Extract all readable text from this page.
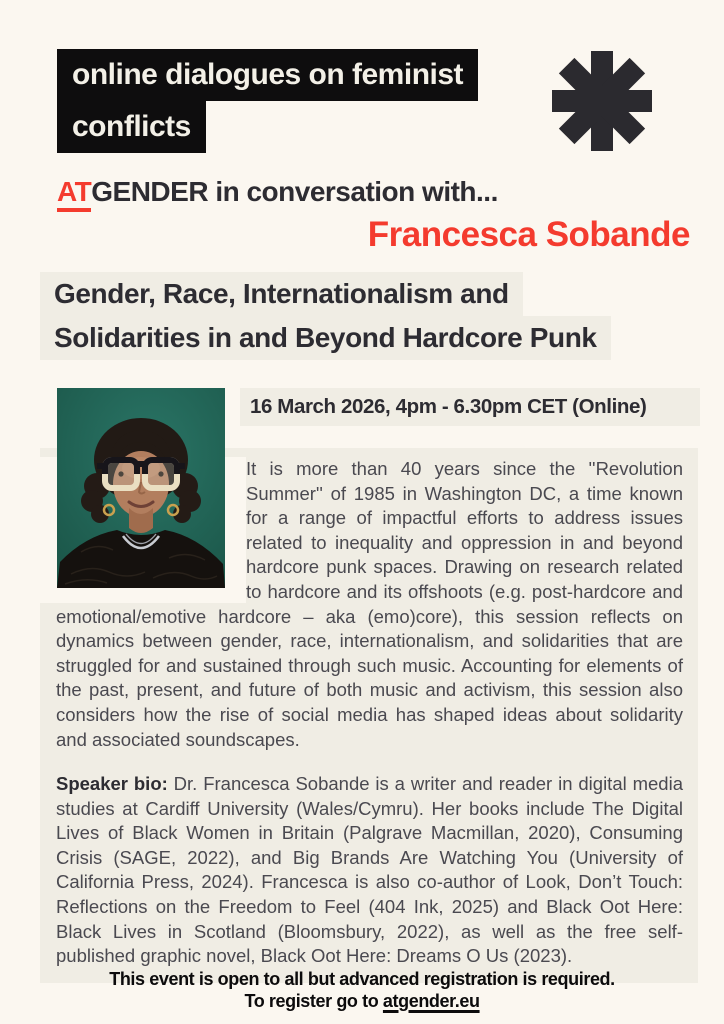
online dialogues on feminist
conflicts
ATGENDER in conversation with...
Francesca Sobande
Gender, Race, Internationalism and
Solidarities in and Beyond Hardcore Punk
It is more than 40 years since the ''Revolution Summer'' of 1985 in Washington DC, a time known for a range of impactful efforts to address issues related to inequality and oppression in and beyond hardcore punk spaces. Drawing on research related to hardcore and its offshoots (e.g. post-hardcore and emotional/emotive hardcore – aka (emo)core), this session reflects on dynamics between gender, race, internationalism, and solidarities that are struggled for and sustained through such music. Accounting for elements of the past, present, and future of both music and activism, this session also considers how the rise of social media has shaped ideas about solidarity and associated soundscapes.
16 March 2026, 4pm - 6.30pm CET (Online)
Speaker bio: Dr. Francesca Sobande is a writer and reader in digital media studies at Cardiff University (Wales/Cymru). Her books include The Digital Lives of Black Women in Britain (Palgrave Macmillan, 2020), Consuming Crisis (SAGE, 2022), and Big Brands Are Watching You (University of California Press, 2024). Francesca is also co-author of Look, Don’t Touch: Reflections on the Freedom to Feel (404 Ink, 2025) and Black Oot Here: Black Lives in Scotland (Bloomsbury, 2022), as well as the free self-published graphic novel, Black Oot Here: Dreams O Us (2023).
This event is open to all but advanced registration is required.
To register go to atgender.eu
